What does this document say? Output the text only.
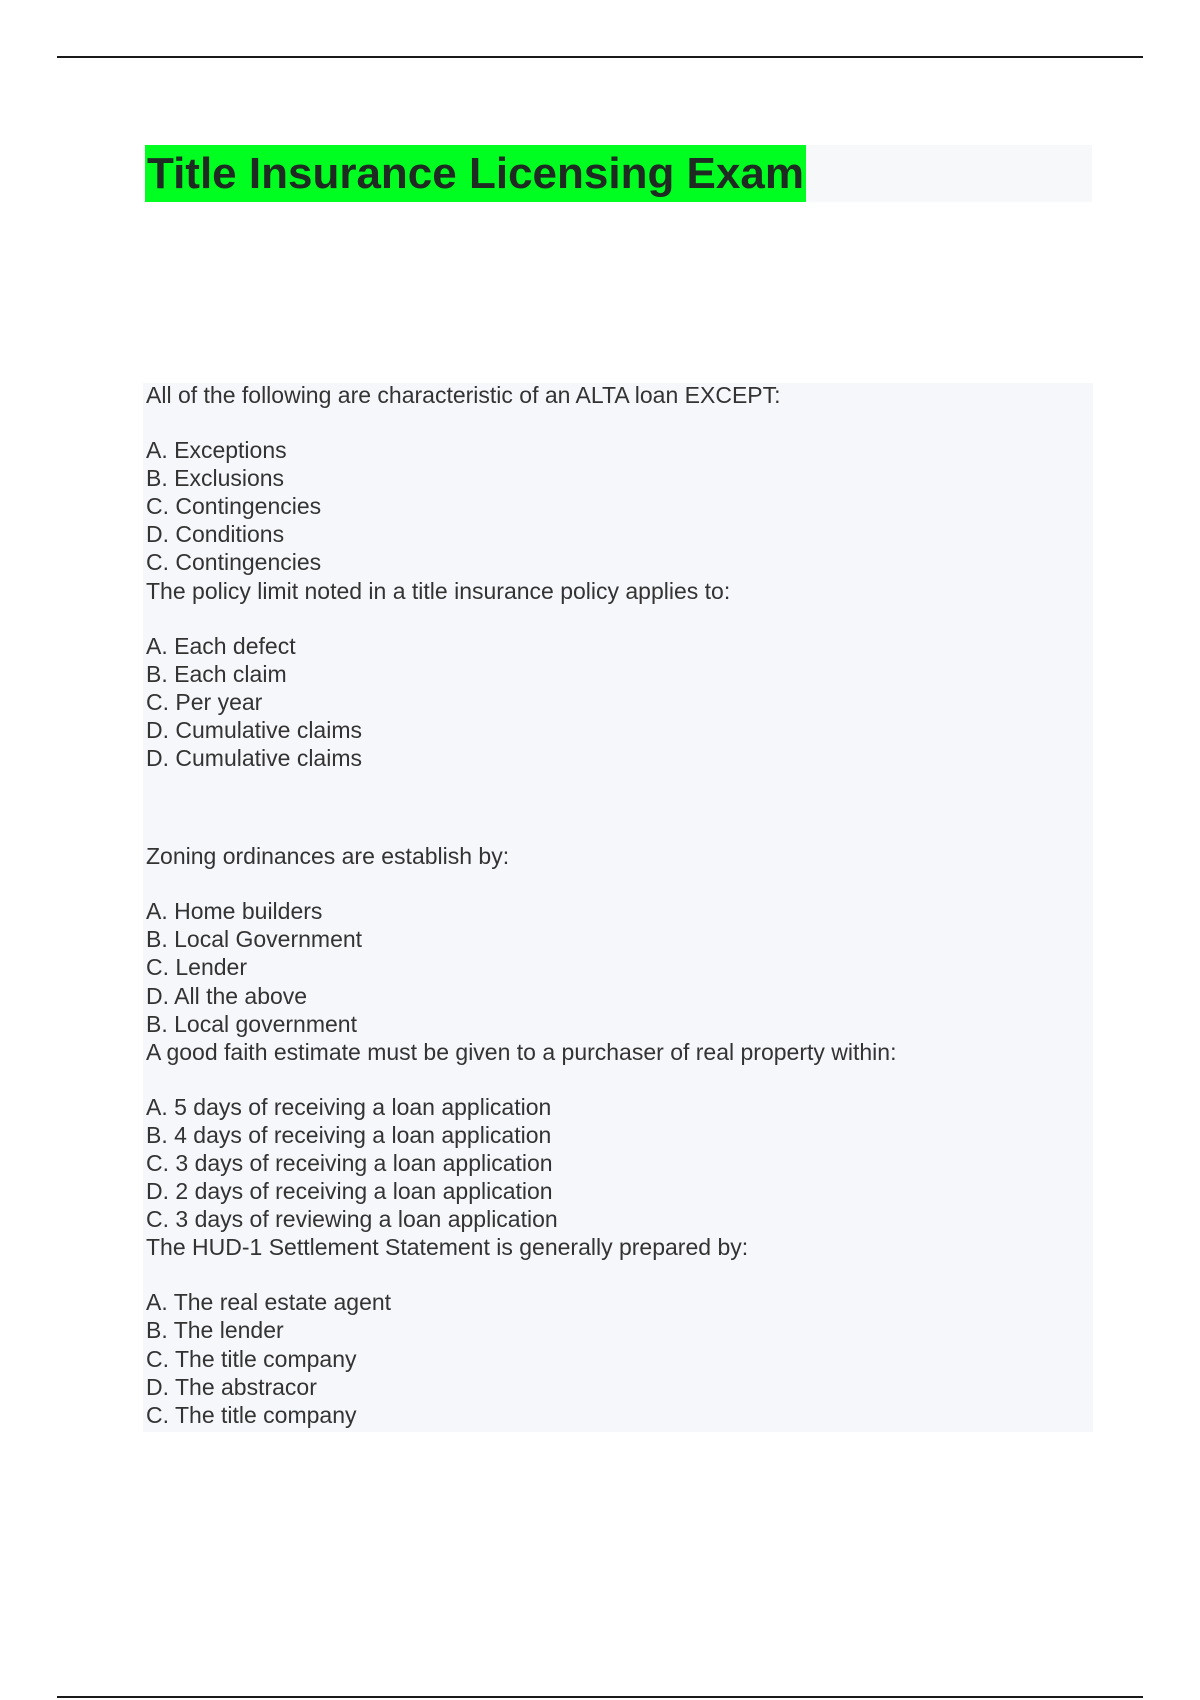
Title Insurance Licensing Exam
All of the following are characteristic of an ALTA loan EXCEPT:
A. Exceptions
B. Exclusions
C. Contingencies
D. Conditions
C. Contingencies
The policy limit noted in a title insurance policy applies to:
A. Each defect
B. Each claim
C. Per year
D. Cumulative claims
D. Cumulative claims
Zoning ordinances are establish by:
A. Home builders
B. Local Government
C. Lender
D. All the above
B. Local government
A good faith estimate must be given to a purchaser of real property within:
A. 5 days of receiving a loan application
B. 4 days of receiving a loan application
C. 3 days of receiving a loan application
D. 2 days of receiving a loan application
C. 3 days of reviewing a loan application
The HUD-1 Settlement Statement is generally prepared by:
A. The real estate agent
B. The lender
C. The title company
D. The abstracor
C. The title company
